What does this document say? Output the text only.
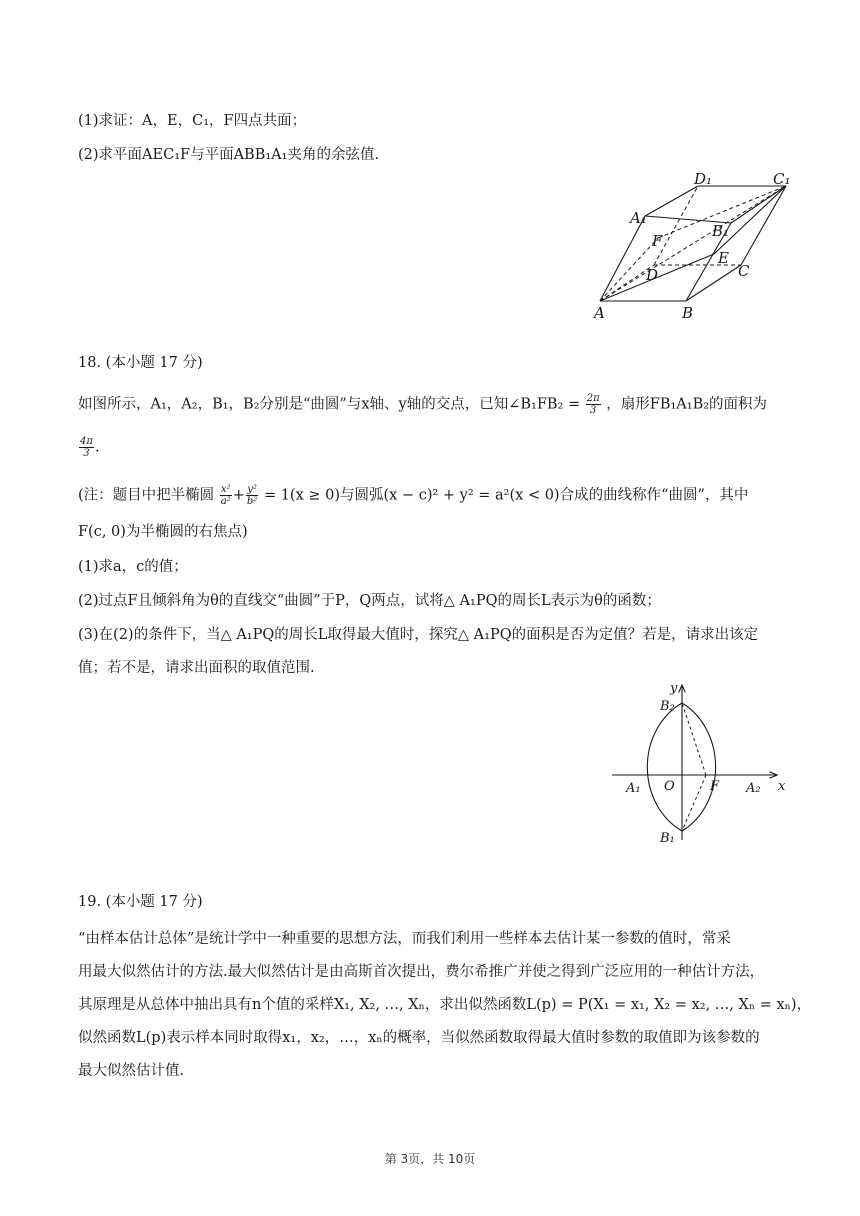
(1)求证：A，E，C₁，F四点共面；
(2)求平面AEC₁F与平面ABB₁A₁夹角的余弦值.
A	B
C
D
E
F
A₁
B₁
C₁
D₁
18. (本小题 17 分)
如图所示，A₁，A₂，B₁，B₂分别是“曲圆”与x轴、y轴的交点，已知∠B₁FB₂ = $\frac{2\pi}{3}$ ，扇形FB₁A₁B₂的面积为
$\frac{4\pi}{3}$ .
(注：题目中把半椭圆 $\frac{\text{x²}}{\text{a²}} + \frac{\text{y²}}{\text{b²}} = 1(x \ge 0)$与圆弧(x − c)² + y² = a²(x < 0)合成的曲线称作“曲圆”，其中
F(c, 0)为半椭圆的右焦点)
(1)求a，c的值；
(2)过点F且倾斜角为θ的直线交“曲圆”于P，Q两点，试将△ A₁PQ的周长L表示为θ的函数；
(3)在(2)的条件下，当△ A₁PQ的周长L取得最大值时，探究△ A₁PQ的面积是否为定值？若是，请求出该定
值；若不是，请求出面积的取值范围.
y
x
O	F
A₁	A₂
B₁
B₂
19. (本小题 17 分)
“由样本估计总体”是统计学中一种重要的思想方法，而我们利用一些样本去估计某一参数的值时，常采
用最大似然估计的方法.最大似然估计是由高斯首次提出，费尔希推广并使之得到广泛应用的一种估计方法，
其原理是从总体中抽出具有n个值的采样X₁, X₂, …, Xₙ，求出似然函数L(p) = P(X₁ = x₁, X₂ = x₂, …, Xₙ = xₙ)，
似然函数L(p)表示样本同时取得x₁，x₂，…，xₙ的概率，当似然函数取得最大值时参数的取值即为该参数的
最大似然估计值.
第 3页，共 10页
